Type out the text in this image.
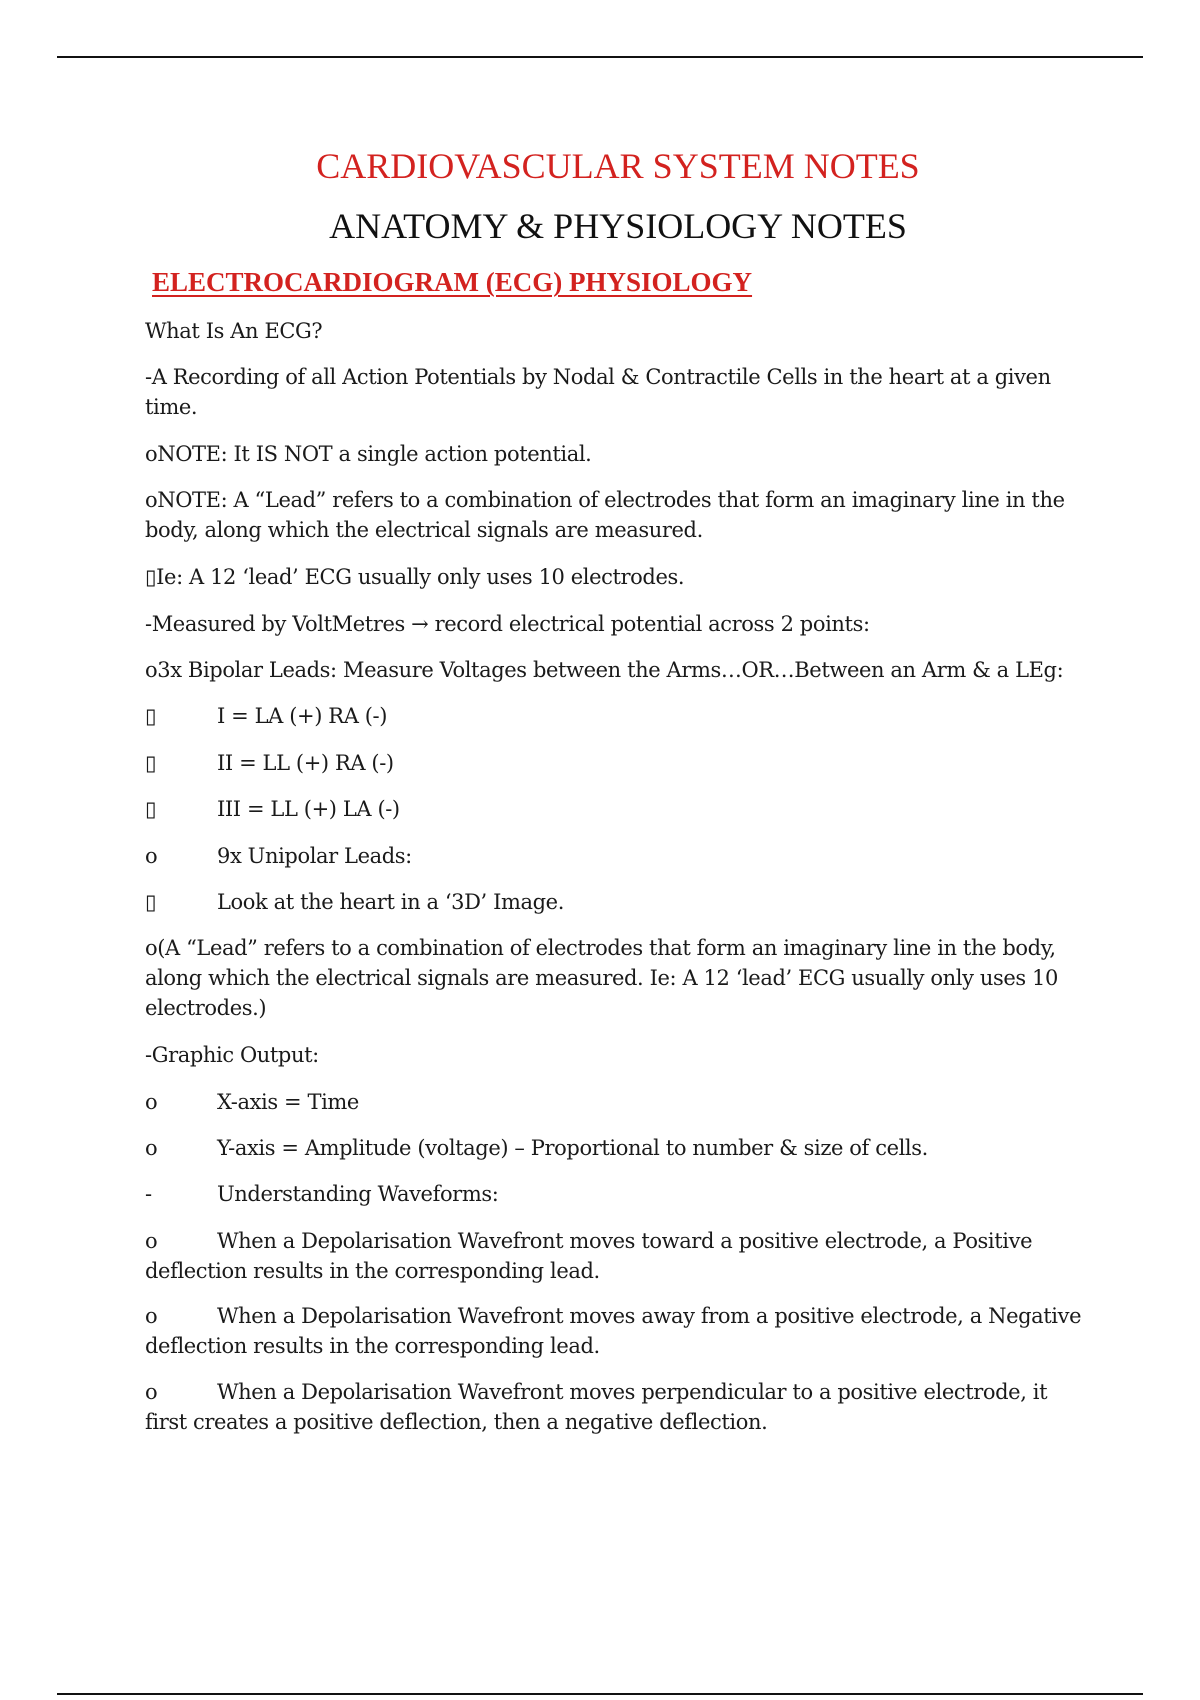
CARDIOVASCULAR SYSTEM NOTES
ANATOMY & PHYSIOLOGY NOTES
ELECTROCARDIOGRAM (ECG) PHYSIOLOGY
What Is An ECG?
-A Recording of all Action Potentials by Nodal & Contractile Cells in the heart at a given time.
oNOTE: It IS NOT a single action potential.
oNOTE: A “Lead” refers to a combination of electrodes that form an imaginary line in the body, along which the electrical signals are measured.
▯Ie: A 12 ‘lead’ ECG usually only uses 10 electrodes.
-Measured by VoltMetres → record electrical potential across 2 points:
o3x Bipolar Leads: Measure Voltages between the Arms…OR…Between an Arm & a LEg:
▯	I = LA (+) RA (-)
▯	II = LL (+) RA (-)
▯	III = LL (+) LA (-)
o	9x Unipolar Leads:
▯	Look at the heart in a ‘3D’ Image.
o(A “Lead” refers to a combination of electrodes that form an imaginary line in the body, along which the electrical signals are measured. Ie: A 12 ‘lead’ ECG usually only uses 10 electrodes.)
-Graphic Output:
o	X-axis = Time
o	Y-axis = Amplitude (voltage) – Proportional to number & size of cells.
-	Understanding Waveforms:
o	When a Depolarisation Wavefront moves toward a positive electrode, a Positive deflection results in the corresponding lead.
o	When a Depolarisation Wavefront moves away from a positive electrode, a Negative deflection results in the corresponding lead.
o	When a Depolarisation Wavefront moves perpendicular to a positive electrode, it first creates a positive deflection, then a negative deflection.
